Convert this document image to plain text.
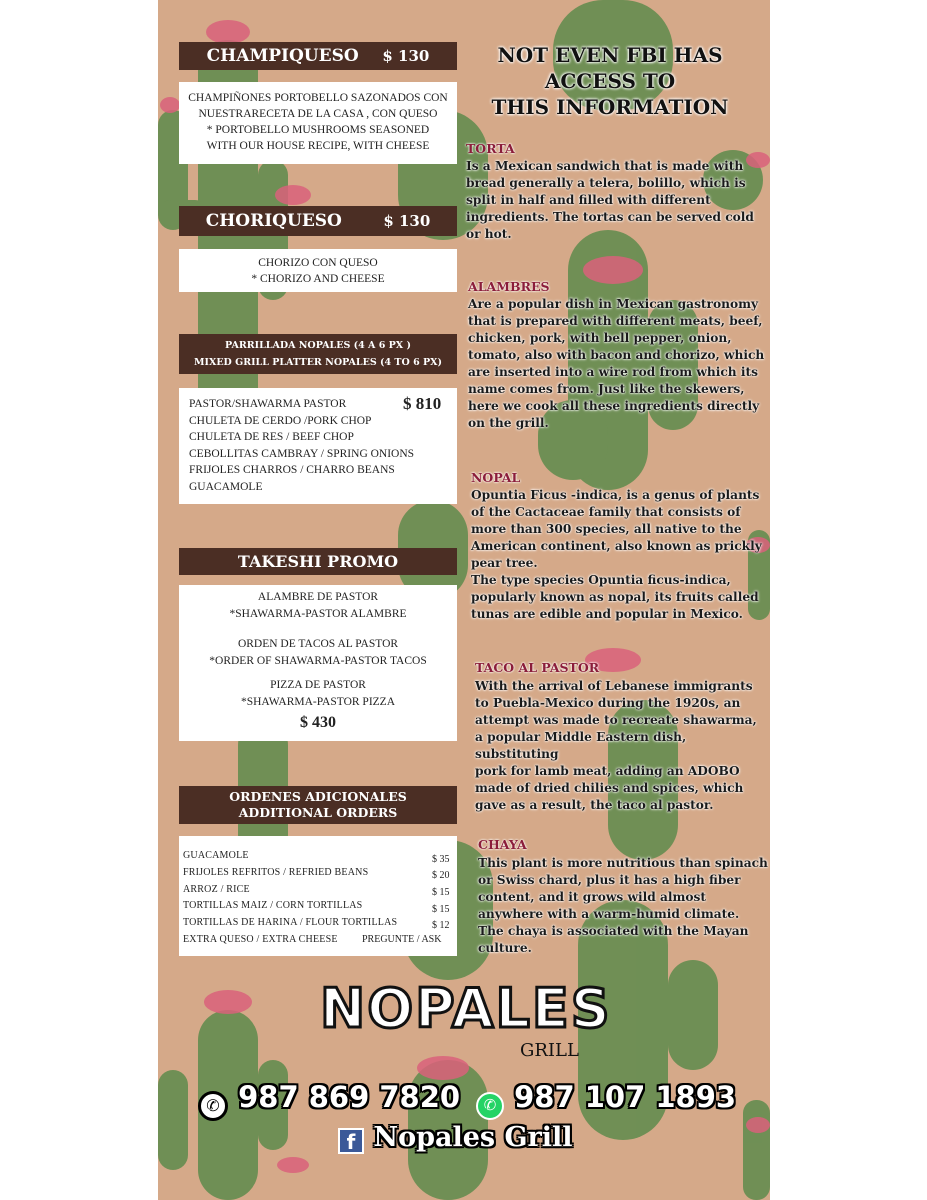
CHAMPIQUESO $ 130
CHAMPIÑONES PORTOBELLO SAZONADOS CON NUESTRARECETA DE LA CASA , CON QUESO
* PORTOBELLO MUSHROOMS SEASONED WITH OUR HOUSE RECIPE, WITH CHEESE
CHORIQUESO	$ 130
CHORIZO CON QUESO
* CHORIZO AND CHEESE
PARRILLADA NOPALES (4 A 6 PX )
MIXED GRILL PLATTER NOPALES (4 TO 6 PX)
PASTOR/SHAWARMA PASTOR
CHULETA DE CERDO /PORK CHOP
CHULETA DE RES / BEEF CHOP
CEBOLLITAS CAMBRAY / SPRING ONIONS
FRIJOLES CHARROS / CHARRO BEANS
GUACAMOLE
$ 810
TAKESHI PROMO
ALAMBRE DE PASTOR
*SHAWARMA-PASTOR ALAMBRE
ORDEN DE TACOS AL PASTOR
*ORDER OF SHAWARMA-PASTOR TACOS
PIZZA DE PASTOR
*SHAWARMA-PASTOR PIZZA
$ 430
ORDENES ADICIONALES
ADDITIONAL ORDERS
GUACAMOLE	$ 35
FRIJOLES REFRITOS / REFRIED BEANS	$ 20
ARROZ / RICE	$ 15
TORTILLAS MAIZ / CORN TORTILLAS	$ 15
TORTILLAS DE HARINA / FLOUR TORTILLAS	$ 12
EXTRA QUESO / EXTRA CHEESE PREGUNTE / ASK
NOT EVEN FBI HAS
ACCESS TO
THIS INFORMATION
TORTA
Is a Mexican sandwich that is made with
bread generally a telera, bolillo, which is
split in half and filled with different
ingredients. The tortas can be served cold
or hot.
ALAMBRES
Are a popular dish in Mexican gastronomy
that is prepared with different meats, beef,
chicken, pork, with bell pepper, onion,
tomato, also with bacon and chorizo, which
are inserted into a wire rod from which its
name comes from. Just like the skewers,
here we cook all these ingredients directly
on the grill.
NOPAL
Opuntia Ficus -indica, is a genus of plants
of the Cactaceae family that consists of
more than 300 species, all native to the
American continent, also known as prickly
pear tree.
The type species Opuntia ficus-indica,
popularly known as nopal, its fruits called
tunas are edible and popular in Mexico.
TACO AL PASTOR
With the arrival of Lebanese immigrants
to Puebla-Mexico during the 1920s, an
attempt was made to recreate shawarma,
a popular Middle Eastern dish, substituting
pork for lamb meat, adding an ADOBO
made of dried chilies and spices, which
gave as a result, the taco al pastor.
CHAYA
This plant is more nutritious than spinach
or Swiss chard, plus it has a high fiber
content, and it grows wild almost
anywhere with a warm-humid climate.
The chaya is associated with the Mayan
culture.
NOPALES
GRILL
✆ 987 869 7820	✆ 987 107 1893
f Nopales Grill
